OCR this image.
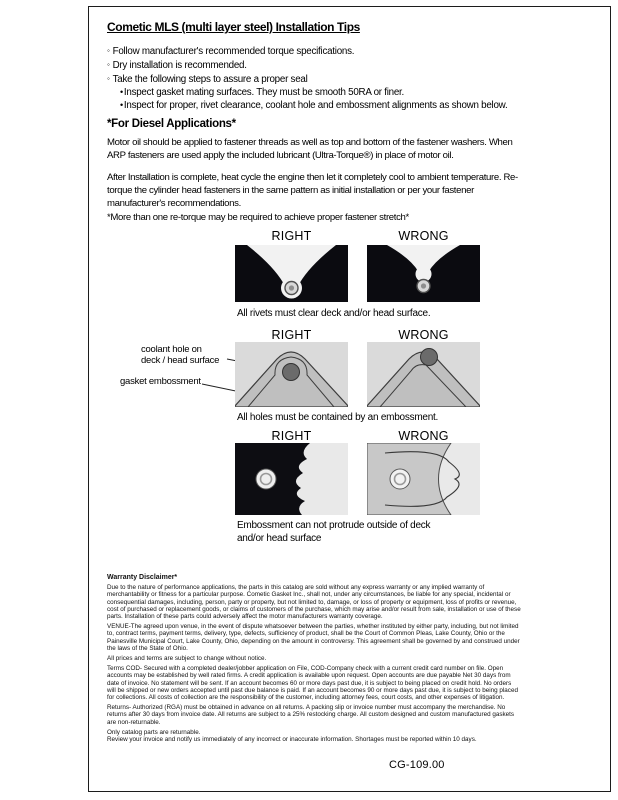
Cometic MLS (multi layer steel) Installation Tips
◦ Follow manufacturer's recommended torque specifications.
◦ Dry installation is recommended.
◦ Take the following steps to assure a proper seal
•Inspect gasket mating surfaces. They must be smooth 50RA or finer.
•Inspect for proper, rivet clearance, coolant hole and embossment alignments as shown below.
*For Diesel Applications*
Motor oil should be applied to fastener threads as well as top and bottom of the fastener washers. When ARP fasteners are used apply the included lubricant (Ultra-Torque®) in place of motor oil.
After Installation is complete, heat cycle the engine then let it completely cool to ambient temperature. Re-torque the cylinder head fasteners in the same pattern as initial installation or per your fastener manufacturer's recommendations.
*More than one re-torque may be required to achieve proper fastener stretch*
RIGHT	WRONG
All rivets must clear deck and/or head surface.
RIGHT	WRONG
coolant hole on
deck / head surface
gasket embossment
All holes must be contained by an embossment.
RIGHT	WRONG
Embossment can not protrude outside of deck and/or head surface
Warranty Disclaimer*

Due to the nature of performance applications, the parts in this catalog are sold without any express warranty or any implied warranty of merchantability or fitness for a particular purpose. Cometic Gasket Inc., shall not, under any circumstances, be liable for any special, incidental or consequential damages, including, person, party or property, but not limited to, damage, or loss of property or equipment, loss of profits or revenue, cost of purchased or replacement goods, or claims of customers of the purchase, which may arise and/or result from sale, installation or use of these parts. Installation of these parts could adversely affect the motor manufacturers warranty coverage.

VENUE-The agreed upon venue, in the event of dispute whatsoever between the parties, whether instituted by either party, including, but not limited to, contract terms, payment terms, delivery, type, defects, sufficiency of product, shall be the Court of Common Pleas, Lake County, Ohio or the Painesville Municipal Court, Lake County, Ohio, depending on the amount in controversy. This agreement shall be governed by and construed under the laws of the State of Ohio.

All prices and terms are subject to change without notice.

Terms COD- Secured with a completed dealer/jobber application on File, COD-Company check with a current credit card number on file. Open accounts may be established by well rated firms. A credit application is available upon request. Open accounts are due payable Net 30 days from date of invoice. No statement will be sent. If an account becomes 60 or more days past due, it is subject to being placed on credit hold. No orders will be shipped or new orders accepted until past due balance is paid. If an account becomes 90 or more days past due, it is subject to being placed for collections. All costs of collection are the responsibility of the customer, including attorney fees, court costs, and other expenses of litigation.

Returns- Authorized (RGA) must be obtained in advance on all returns. A packing slip or invoice number must accompany the merchandise. No returns after 30 days from invoice date. All returns are subject to a 25% restocking charge. All custom designed and custom manufactured gaskets are non-returnable.

Only catalog parts are returnable.

Review your invoice and notify us immediately of any incorrect or inaccurate information. Shortages must be reported within 10 days.

CG-109.00
